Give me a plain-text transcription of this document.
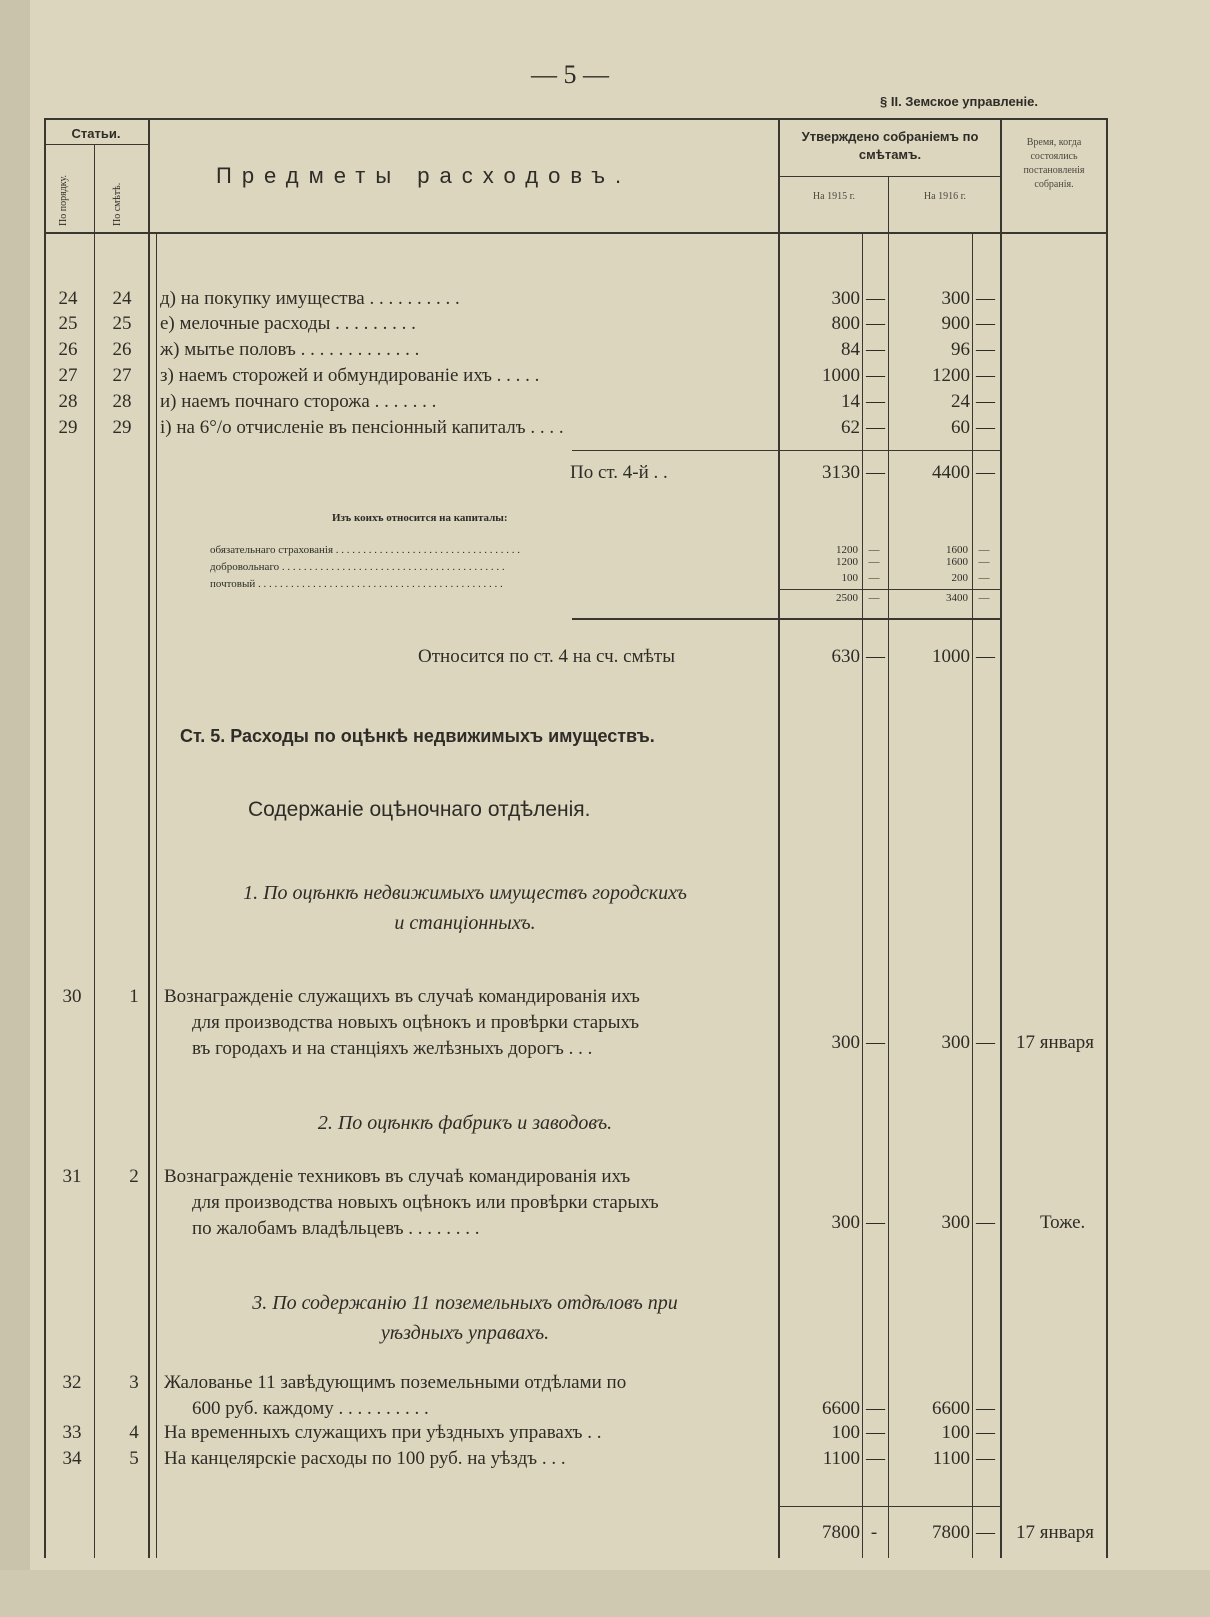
— 5 —
§ II. Земское управленіе.
Статьи.
По порядку.	По смѣтѣ.
Предметы расходовъ.
Утверждено собраніемъ по смѣтамъ.
На 1915 г.	На 1916 г.
Время, когда состоялись постановленія собранія.
24	24	д) на покупку имущества . . . . . . . . . .	300 —	300 —
25	25	е) мелочные расходы . . . . . . . . .	800 —	900 —
26	26	ж) мытье половъ . . . . . . . . . . . . .	84 —	96 —
27	27	з) наемъ сторожей и обмундированіе ихъ . . . . .	1000 —	1200 —
28	28	и) наемъ почнаго сторожа . . . . . . .	14 —	24 —
29	29	і) на 6°/о отчисленіе въ пенсіонный капиталъ . . . .	62 —	60 —
По ст. 4-й . .	3130 —	4400 —
Изъ коихъ относится на капиталы:
обязательнаго страхованія . . . . . . . . . . . . . . . . . . . . . . . . . . . . . . . . . .	1200 —	1600 —
добровольнаго . . . . . . . . . . . . . . . . . . . . . . . . . . . . . . . . . . . . . . . . .	1200 —	1600 —
почтовый . . . . . . . . . . . . . . . . . . . . . . . . . . . . . . . . . . . . . . . . . . . . .	100 —	200 —
2500 —	3400 —
Относится по ст. 4 на сч. смѣты	630 —	1000 —
Ст. 5. Расходы по оцѣнкѣ недвижимыхъ имуществъ.
Содержаніе оцѣночнаго отдѣленія.
1. По оцѣнкѣ недвижимыхъ имуществъ городскихъ
и станціонныхъ.
30	1	Вознагражденіе служащихъ въ случаѣ командированія ихъ
для производства новыхъ оцѣнокъ и провѣрки старыхъ
въ городахъ и на станціяхъ желѣзныхъ дорогъ . . .	300 —	300 — 17 января
2. По оцѣнкѣ фабрикъ и заводовъ.
31	2	Вознагражденіе техниковъ въ случаѣ командированія ихъ
для производства новыхъ оцѣнокъ или провѣрки старыхъ
по жалобамъ владѣльцевъ . . . . . . . .	300 —	300 — Тоже.
3. По содержанію 11 поземельныхъ отдѣловъ при
уѣздныхъ управахъ.
32	3	Жалованье 11 завѣдующимъ поземельными отдѣлами по
600 руб. каждому . . . . . . . . . .	6600 —	6600 —
33	4	На временныхъ служащихъ при уѣздныхъ управахъ . .	100 —	100 —
34	5	На канцелярскіе расходы по 100 руб. на уѣздъ . . .	1100 —	1100 —
7800 -	7800 — 17 января
